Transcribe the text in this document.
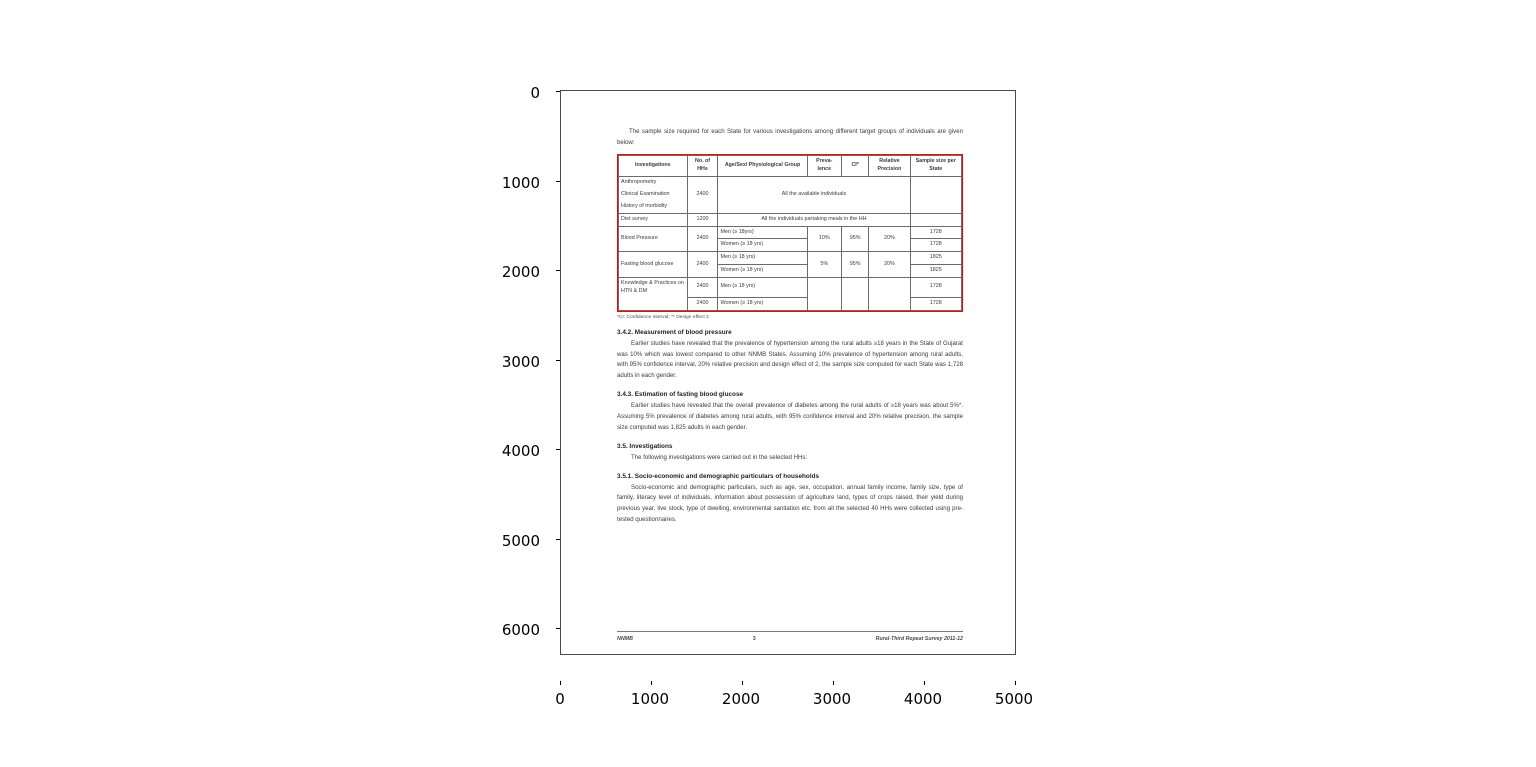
0
1000
2000
3000
4000
5000
6000
0	1000	2000	3000	4000	5000

The sample size required for each State for various investigations among different target groups of individuals are given below:

Investigations	No. of HHs	Age/Sex/ Physiological Group	Preva- lence	CI*	Relative Precision	Sample size per State
Anthropometry	2400	All the available individuals				
Clinical Examination						
History of morbidity						
Diet survey	1200	All the individuals partaking meals in the HH				
Blood Pressure	2400	Men (≥ 18yrs)	10%	95%	20%	1728
		Women (≥ 18 yrs)				1728
Fasting blood glucose	2400	Men (≥ 18 yrs)	5%	95%	20%	1825
		Women (≥ 18 yrs)				1825
Knowledge & Practices on HTN & DM	2400	Men (≥ 18 yrs)				1728
	2400	Women (≥ 18 yrs)				1728
*CI: Confidence interval; ** Design effect 2
3.4.2. Measurement of blood pressure

Earlier studies have revealed that the prevalence of hypertension among the rural adults ≥18 years in the State of Gujarat was 10% which was lowest compared to other NNMB States. Assuming 10% prevalence of hypertension among rural adults, with 95% confidence interval, 20% relative precision and design effect of 2, the sample size computed for each State was 1,728 adults in each gender.

3.4.3. Estimation of fasting blood glucose

Earlier studies have revealed that the overall prevalence of diabetes among the rural adults of ≥18 years was about 5%*. Assuming 5% prevalence of diabetes among rural adults, with 95% confidence interval and 20% relative precision, the sample size computed was 1,825 adults in each gender.

3.5. Investigations

The following investigations were carried out in the selected HHs:

3.5.1. Socio-economic and demographic particulars of households

Socio-economic and demographic particulars, such as age, sex, occupation, annual family income, family size, type of family, literacy level of individuals, information about possession of agriculture land, types of crops raised, their yield during previous year, live stock, type of dwelling, environmental sanitation etc. from all the selected 40 HHs were collected using pre-tested questionnaires.

NNMB	3	Rural-Third Repeat Survey 2011-12
